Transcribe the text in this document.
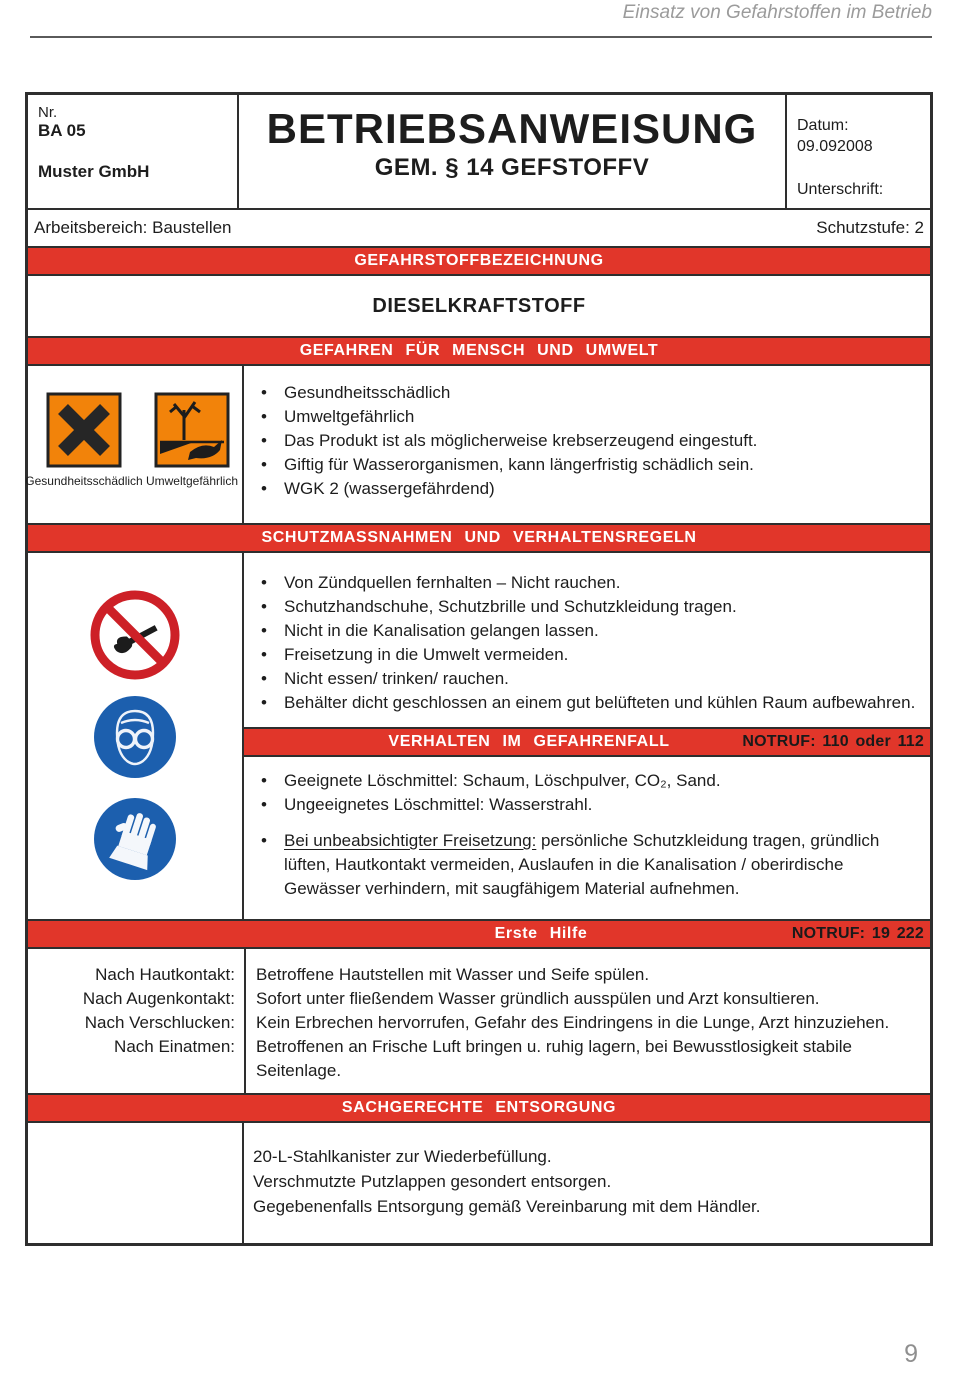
Einsatz von Gefahrstoffen im Betrieb
Nr.
BA 05
Muster GmbH
BETRIEBSANWEISUNG
GEM. § 14 GEFSTOFFV
Datum:
09.092008
Unterschrift:
Arbeitsbereich: Baustellen	Schutzstufe: 2
GEFAHRSTOFFBEZEICHNUNG
DIESELKRAFTSTOFF
GEFAHREN FÜR MENSCH UND UMWELT
Gesundheitsschädlich Umweltgefährlich
• Gesundheitsschädlich
• Umweltgefährlich
• Das Produkt ist als möglicherweise krebserzeugend eingestuft.
• Giftig für Wasserorganismen, kann längerfristig schädlich sein.
• WGK 2 (wassergefährdend)
SCHUTZMASSNAHMEN UND VERHALTENSREGELN
• Von Zündquellen fernhalten – Nicht rauchen.
• Schutzhandschuhe, Schutzbrille und Schutzkleidung tragen.
• Nicht in die Kanalisation gelangen lassen.
• Freisetzung in die Umwelt vermeiden.
• Nicht essen/ trinken/ rauchen.
• Behälter dicht geschlossen an einem gut belüfteten und kühlen Raum aufbewahren.
VERHALTEN IM GEFAHRENFALL	NOTRUF: 110 oder 112
• Geeignete Löschmittel: Schaum, Löschpulver, CO₂, Sand.
• Ungeeignetes Löschmittel: Wasserstrahl.
• Bei unbeabsichtigter Freisetzung: persönliche Schutzkleidung tragen, gründlich lüften, Hautkontakt vermeiden, Auslaufen in die Kanalisation / oberirdische Gewässer verhindern, mit saugfähigem Material aufnehmen.
Erste Hilfe	NOTRUF: 19 222
Nach Hautkontakt:	Betroffene Hautstellen mit Wasser und Seife spülen.
Nach Augenkontakt:	Sofort unter fließendem Wasser gründlich ausspülen und Arzt konsultieren.
Nach Verschlucken:	Kein Erbrechen hervorrufen, Gefahr des Eindringens in die Lunge, Arzt hinzuziehen.
Nach Einatmen:	Betroffenen an Frische Luft bringen u. ruhig lagern, bei Bewusstlosigkeit stabile Seitenlage.
SACHGERECHTE ENTSORGUNG
20-L-Stahlkanister zur Wiederbefüllung.
Verschmutzte Putzlappen gesondert entsorgen.
Gegebenenfalls Entsorgung gemäß Vereinbarung mit dem Händler.
9
